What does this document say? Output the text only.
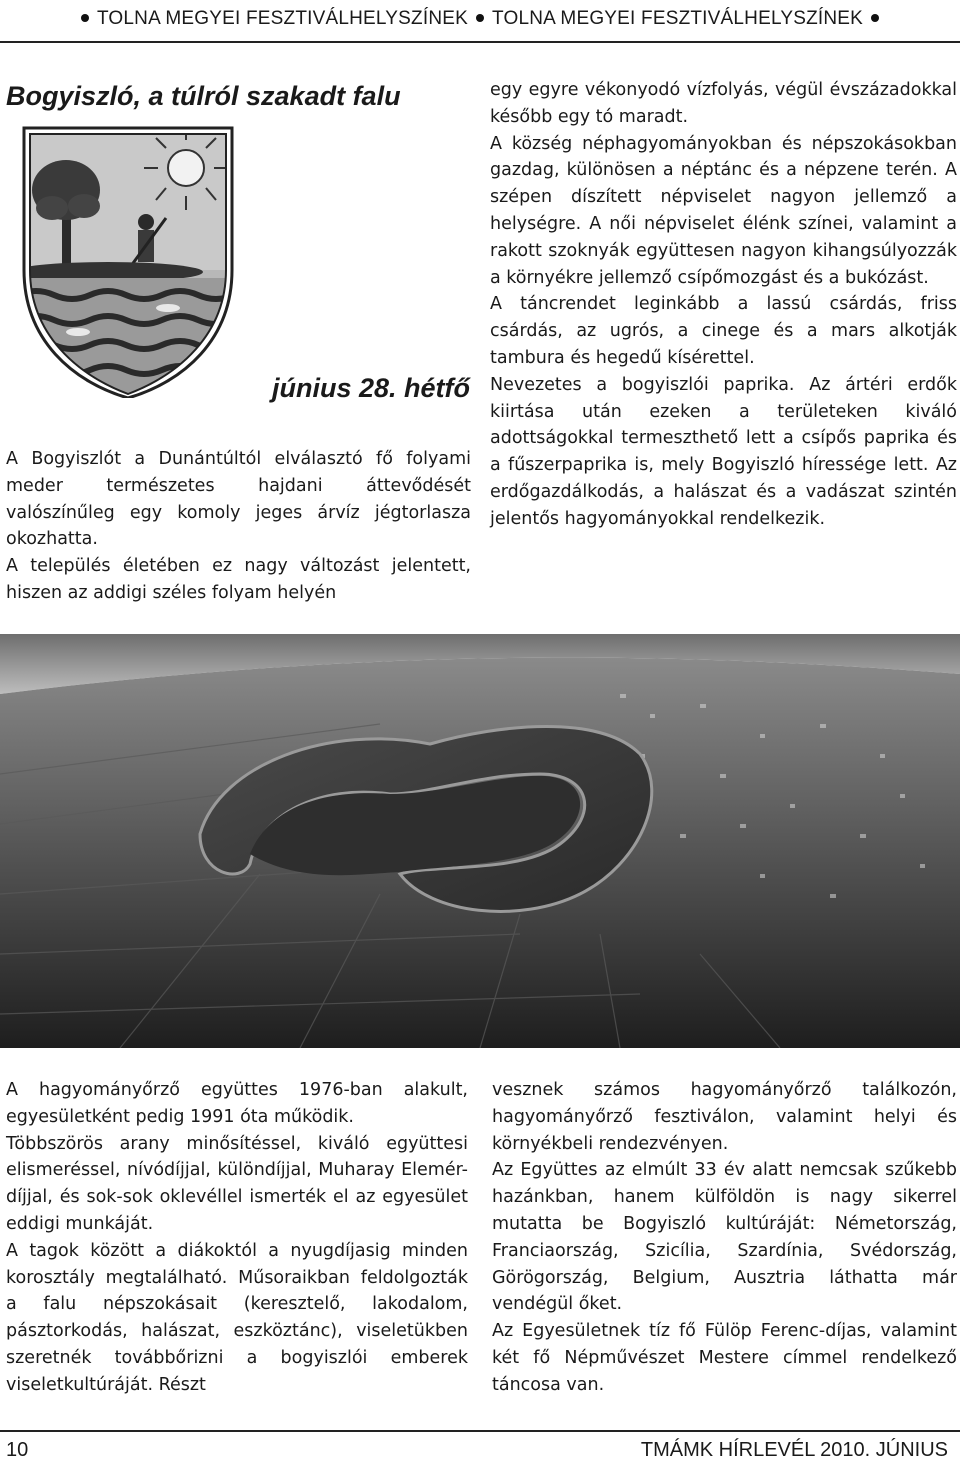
TOLNA MEGYEI FESZTIVÁLHELYSZÍNEK TOLNA MEGYEI FESZTIVÁLHELYSZÍNEK
Bogyiszló, a túlról szakadt falu
június 28. hétfő

A Bogyiszlót a Dunántúltól elválasztó fő folyami meder természetes hajdani áttevődését valószínűleg egy komoly jeges árvíz jégtorlasza okozhatta.

A település életében ez nagy változást jelentett, hiszen az addigi széles folyam helyén

egy egyre vékonyodó vízfolyás, végül évszázadokkal később egy tó maradt.

A község néphagyományokban és népszokásokban gazdag, különösen a néptánc és a népzene terén. A szépen díszített népviselet nagyon jellemző a helységre. A női népviselet élénk színei, valamint a rakott szoknyák együttesen nagyon kihangsúlyozzák a környékre jellemző csípőmozgást és a bukózást.

A táncrendet leginkább a lassú csárdás, friss csárdás, az ugrós, a cinege és a mars alkotják tambura és hegedű kísérettel.

Nevezetes a bogyiszlói paprika. Az ártéri erdők kiirtása után ezeken a területeken kiváló adottságokkal termeszthető lett a csípős paprika és a fűszerpaprika is, mely Bogyiszló híressége lett. Az erdőgazdálkodás, a halászat és a vadászat szintén jelentős hagyományokkal rendelkezik.

A hagyományőrző együttes 1976-ban alakult, egyesületként pedig 1991 óta működik.

Többszörös arany minősítéssel, kiváló együttesi elismeréssel, nívódíjjal, különdíjjal, Muharay Elemér-díjjal, és sok-sok oklevéllel ismerték el az egyesület eddigi munkáját.

A tagok között a diákoktól a nyugdíjasig minden korosztály megtalálható. Műsoraikban feldolgozták a falu népszokásait (keresztelő, lakodalom, pásztorkodás, halászat, eszköztánc), viseletükben szeretnék továbbőrizni a bogyiszlói emberek viseletkultúráját. Részt

vesznek számos hagyományőrző találkozón, hagyományőrző fesztiválon, valamint helyi és környékbeli rendezvényen.

Az Együttes az elmúlt 33 év alatt nemcsak szűkebb hazánkban, hanem külföldön is nagy sikerrel mutatta be Bogyiszló kultúráját: Németország, Franciaország, Szicília, Szardínia, Svédország, Görögország, Belgium, Ausztria láthatta már vendégül őket.

Az Egyesületnek tíz fő Fülöp Ferenc-díjas, valamint két fő Népművészet Mestere címmel rendelkező táncosa van.

10	TMÁMK HÍRLEVÉL 2010. JÚNIUS
